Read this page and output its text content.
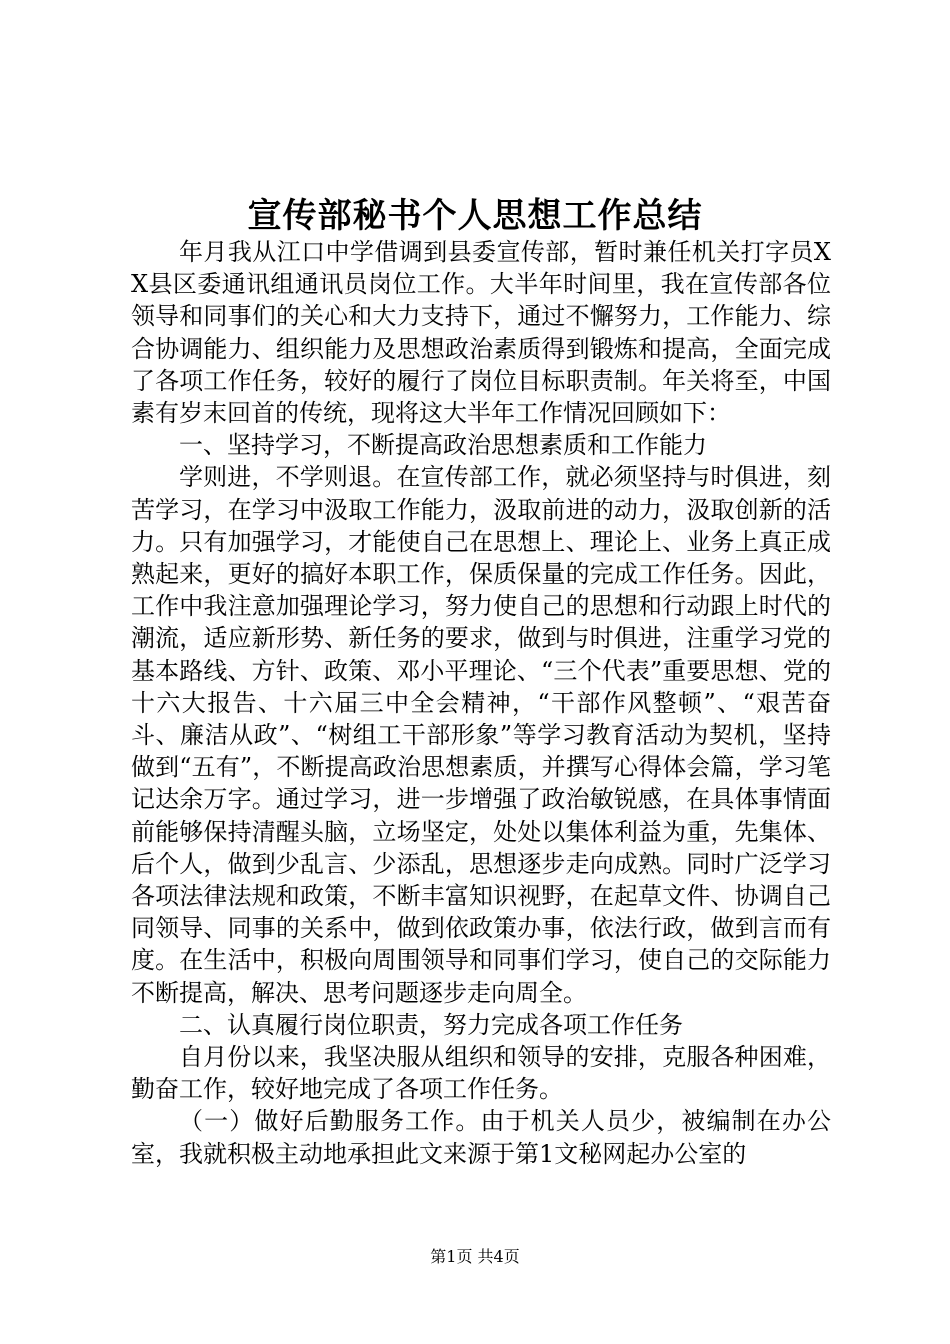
宣传部秘书个人思想工作总结

年月我从江口中学借调到县委宣传部，暂时兼任机关打字员XX县区委通讯组通讯员岗位工作。大半年时间里，我在宣传部各位领导和同事们的关心和大力支持下，通过不懈努力，工作能力、综合协调能力、组织能力及思想政治素质得到锻炼和提高，全面完成了各项工作任务，较好的履行了岗位目标职责制。年关将至，中国素有岁末回首的传统，现将这大半年工作情况回顾如下：

一、坚持学习，不断提高政治思想素质和工作能力

学则进，不学则退。在宣传部工作，就必须坚持与时俱进，刻苦学习，在学习中汲取工作能力，汲取前进的动力，汲取创新的活力。只有加强学习，才能使自己在思想上、理论上、业务上真正成熟起来，更好的搞好本职工作，保质保量的完成工作任务。因此，工作中我注意加强理论学习，努力使自己的思想和行动跟上时代的潮流，适应新形势、新任务的要求，做到与时俱进，注重学习党的基本路线、方针、政策、邓小平理论、“三个代表”重要思想、党的十六大报告、十六届三中全会精神，“干部作风整顿”、“艰苦奋斗、廉洁从政”、“树组工干部形象”等学习教育活动为契机，坚持做到“五有”，不断提高政治思想素质，并撰写心得体会篇，学习笔记达余万字。通过学习，进一步增强了政治敏锐感，在具体事情面前能够保持清醒头脑，立场坚定，处处以集体利益为重，先集体、后个人，做到少乱言、少添乱，思想逐步走向成熟。同时广泛学习各项法律法规和政策，不断丰富知识视野，在起草文件、协调自己同领导、同事的关系中，做到依政策办事，依法行政，做到言而有度。在生活中，积极向周围领导和同事们学习，使自己的交际能力不断提高，解决、思考问题逐步走向周全。

二、认真履行岗位职责，努力完成各项工作任务

自月份以来，我坚决服从组织和领导的安排，克服各种困难，勤奋工作，较好地完成了各项工作任务。

（一）做好后勤服务工作。由于机关人员少，被编制在办公室，我就积极主动地承担此文来源于第1文秘网起办公室的

第1页 共4页
